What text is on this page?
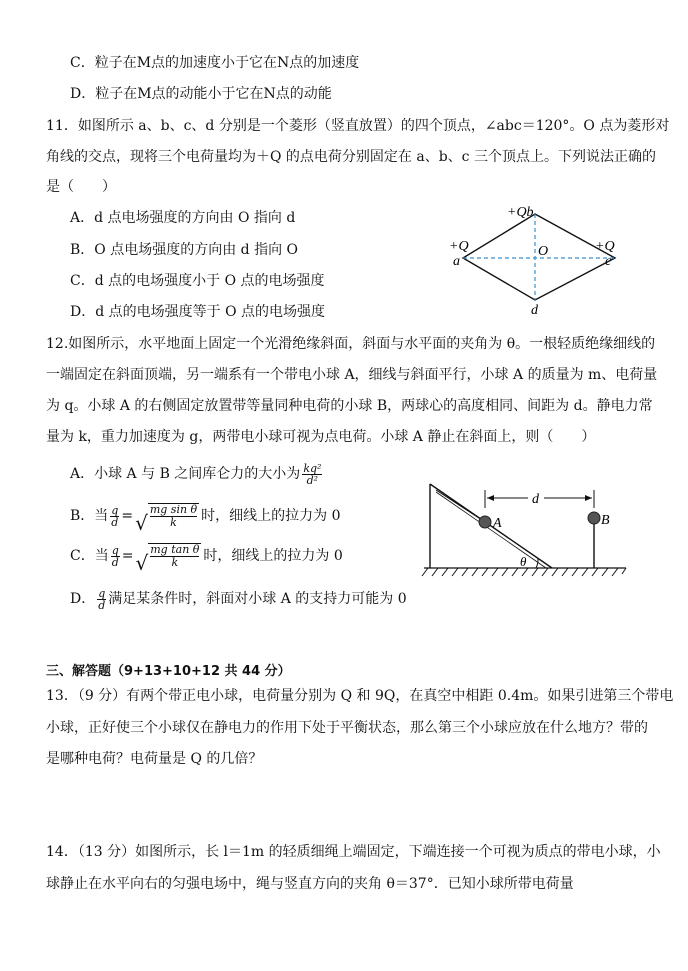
C．粒子在M点的加速度小于它在N点的加速度
D．粒子在M点的动能小于它在N点的动能
11．如图所示 a、b、c、d 分别是一个菱形（竖直放置）的四个顶点，∠abc＝120°。O 点为菱形对
角线的交点，现将三个电荷量均为＋Q 的点电荷分别固定在 a、b、c 三个顶点上。下列说法正确的
是（　　）
A．d 点电场强度的方向由 O 指向 d
B．O 点电场强度的方向由 d 指向 O
C．d 点的电场强度小于 O 点的电场强度
D．d 点的电场强度等于 O 点的电场强度
+Qb
+Q
a
+Q
c
O
d
12.如图所示，水平地面上固定一个光滑绝缘斜面，斜面与水平面的夹角为 θ。一根轻质绝缘细线的
一端固定在斜面顶端，另一端系有一个带电小球 A，细线与斜面平行，小球 A 的质量为 m、电荷量
为 q。小球 A 的右侧固定放置带等量同种电荷的小球 B，两球心的高度相同、间距为 d。静电力常
量为 k，重力加速度为 g，两带电小球可视为点电荷。小球 A 静止在斜面上，则（　　）
A．小球 A 与 B 之间库仑力的大小为 $\frac{\text{kq²}}{\text{d²}}$
B．当 $\frac{q}{d}$ = √ $\frac{\text{mg sin θ}}{k}$ 时，细线上的拉力为 0
C．当 $\frac{q}{d}$ = √ $\frac{\text{mg tan θ}}{k}$ 时，细线上的拉力为 0
D． $\frac{q}{d}$ 满足某条件时，斜面对小球 A 的支持力可能为 0
A	B
d
θ
三、解答题（9+13+10+12 共 44 分）
13．（9 分）有两个带正电小球，电荷量分别为 Q 和 9Q，在真空中相距 0.4m。如果引进第三个带电
小球，正好使三个小球仅在静电力的作用下处于平衡状态，那么第三个小球应放在什么地方？带的
是哪种电荷？电荷量是 Q 的几倍？
14．（13 分）如图所示，长 l＝1m 的轻质细绳上端固定，下端连接一个可视为质点的带电小球，小
球静止在水平向右的匀强电场中，绳与竖直方向的夹角 θ＝37°．已知小球所带电荷量
